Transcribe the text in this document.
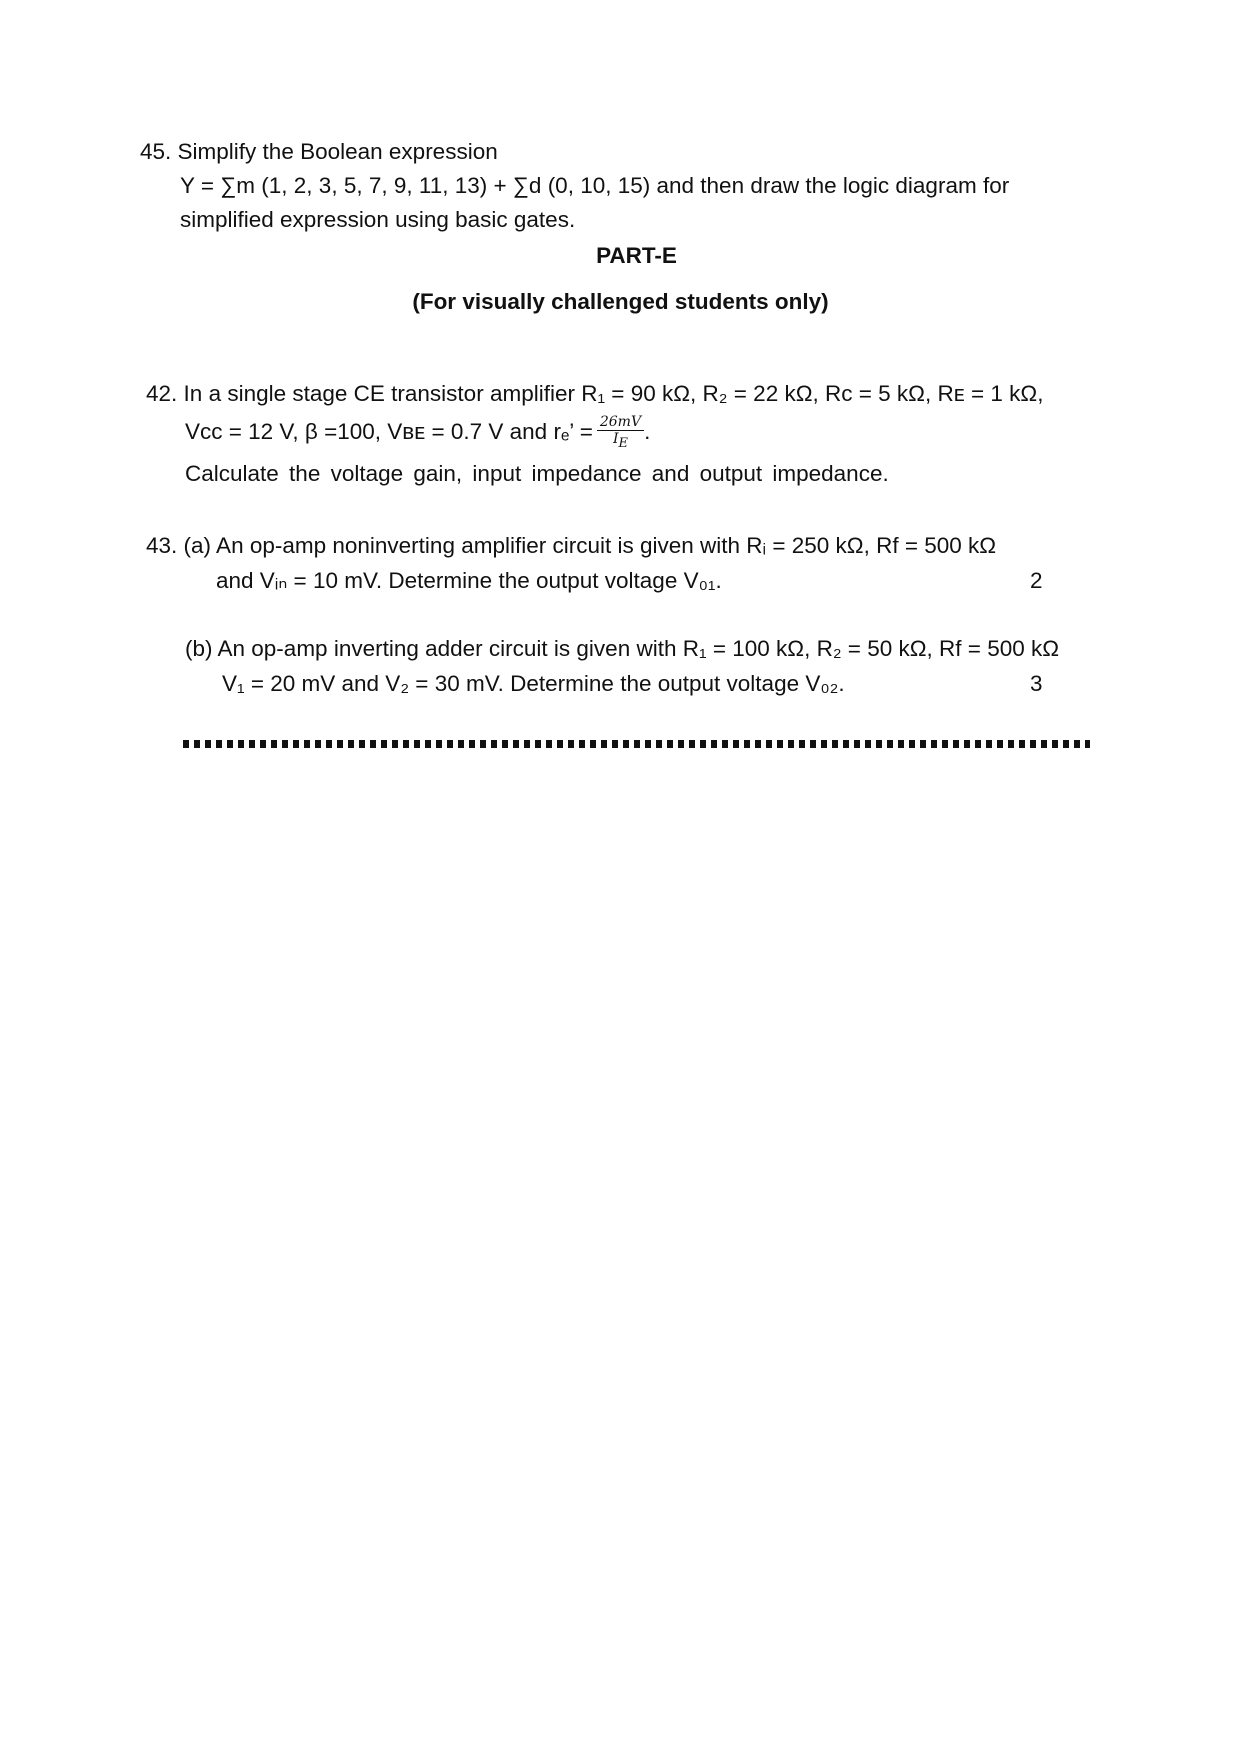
45. Simplify the Boolean expression
Y = ∑m (1, 2, 3, 5, 7, 9, 11, 13) + ∑d (0, 10, 15) and then draw the logic diagram for
simplified expression using basic gates.
PART-E
(For visually challenged students only)
42. In a single stage CE transistor amplifier R₁ = 90 kΩ, R₂ = 22 kΩ, Rc = 5 kΩ, Rᴇ = 1 kΩ,
Vᴄᴄ = 12 V, β =100, Vʙᴇ = 0.7 V and rₑ’ = $\frac{26mV}{IE}$ .
Calculate the voltage gain, input impedance and output impedance.
43. (a) An op-amp noninverting amplifier circuit is given with Rᵢ = 250 kΩ, Rf = 500 kΩ
and Vᵢₙ = 10 mV. Determine the output voltage V₀₁.	2
(b) An op-amp inverting adder circuit is given with R₁ = 100 kΩ, R₂ = 50 kΩ, Rf = 500 kΩ
V₁ = 20 mV and V₂ = 30 mV. Determine the output voltage V₀₂.	3
